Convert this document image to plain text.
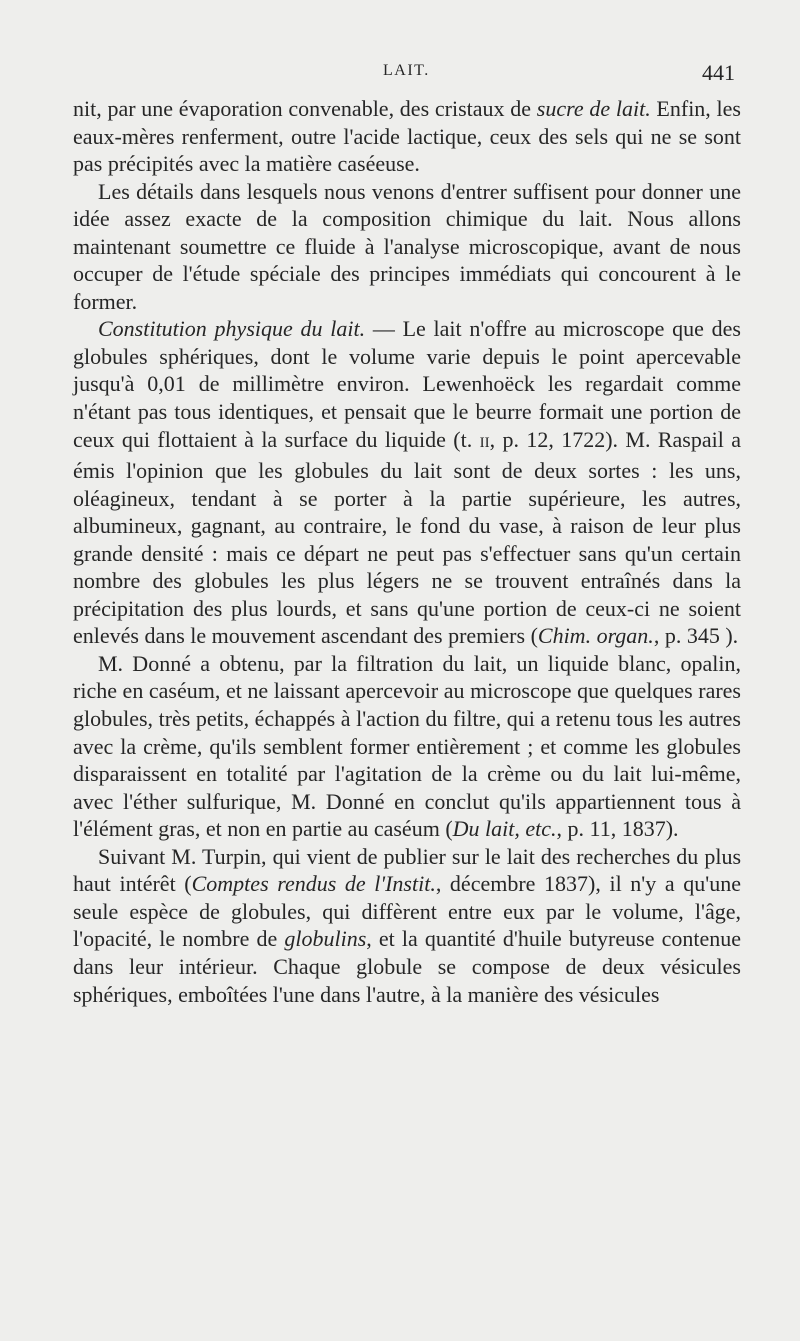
LAIT.	441

nit, par une évaporation convenable, des cristaux de sucre de lait. Enfin, les eaux-mères renferment, outre l'acide lactique, ceux des sels qui ne se sont pas précipités avec la matière caséeuse.

Les détails dans lesquels nous venons d'entrer suffisent pour donner une idée assez exacte de la composition chimique du lait. Nous allons maintenant soumettre ce fluide à l'analyse microscopique, avant de nous occuper de l'étude spéciale des principes immédiats qui concourent à le former.

Constitution physique du lait. — Le lait n'offre au microscope que des globules sphériques, dont le volume varie depuis le point apercevable jusqu'à 0,01 de millimètre environ. Lewenhoëck les regardait comme n'étant pas tous identiques, et pensait que le beurre formait une portion de ceux qui flottaient à la surface du liquide (t. II, p. 12, 1722). M. Raspail a émis l'opinion que les globules du lait sont de deux sortes : les uns, oléagineux, tendant à se porter à la partie supérieure, les autres, albumineux, gagnant, au contraire, le fond du vase, à raison de leur plus grande densité : mais ce départ ne peut pas s'effectuer sans qu'un certain nombre des globules les plus légers ne se trouvent entraînés dans la précipitation des plus lourds, et sans qu'une portion de ceux-ci ne soient enlevés dans le mouvement ascendant des premiers (Chim. organ., p. 345 ).

M. Donné a obtenu, par la filtration du lait, un liquide blanc, opalin, riche en caséum, et ne laissant apercevoir au microscope que quelques rares globules, très petits, échappés à l'action du filtre, qui a retenu tous les autres avec la crème, qu'ils semblent former entièrement ; et comme les globules disparaissent en totalité par l'agitation de la crème ou du lait lui-même, avec l'éther sulfurique, M. Donné en conclut qu'ils appartiennent tous à l'élément gras, et non en partie au caséum (Du lait, etc., p. 11, 1837).

Suivant M. Turpin, qui vient de publier sur le lait des recherches du plus haut intérêt (Comptes rendus de l'Instit., décembre 1837), il n'y a qu'une seule espèce de globules, qui diffèrent entre eux par le volume, l'âge, l'opacité, le nombre de globulins, et la quantité d'huile butyreuse contenue dans leur intérieur. Chaque globule se compose de deux vésicules sphériques, emboîtées l'une dans l'autre, à la manière des vésicules
